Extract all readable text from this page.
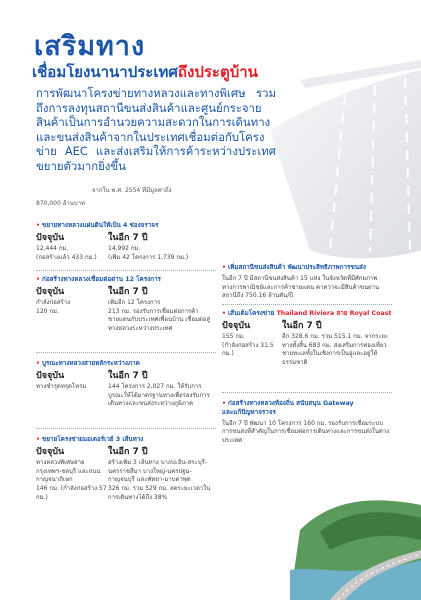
เสริมทาง
เชื่อมโยงนานาประเทศถึงประตูบ้าน
การพัฒนาโครงข่ายทางหลวงและทางพิเศษ รวมถึงการลงทุนสถานีขนส่งสินค้าและศูนย์กระจายสินค้าเป็นการอำนวยความสะดวกในการเดินทางและขนส่งสินค้าจากในประเทศเชื่อมต่อกับโครงข่าย AEC และส่งเสริมให้การค้าระหว่างประเทศขยายตัวมากยิ่งขึ้น
จากใน พ.ศ. 2554 ที่มีมูลค่าถึง
870,000 ล้านบาท
• ขยายทางหลวงแผ่นดินให้เป็น 4 ช่องจราจร
ปัจจุบัน
12,444 กม.
(ก่อสร้างแล้ว 433 กม.)
ในอีก 7 ปี
14,992 กม.
(เพิ่ม 42 โครงการ 1,739 กม.)
• ก่อสร้างทางหลวงเชื่อมต่อด่าน 12 โครงการ
ปัจจุบัน
กำลังก่อสร้าง
120 กม.
ในอีก 7 ปี
เพิ่มอีก 12 โครงการ
213 กม. รองรับการเชื่อมต่อการค้าชายแดนกับประเทศเพื่อนบ้าน เชื่อมต่อสู่ทางหลวงระหว่างประเทศ
• บูรณะทางหลวงสายหลักระหว่างภาค
ปัจจุบัน
ทางชำรุดทรุดโทรม
ในอีก 7 ปี
144 โครงการ 2,027 กม. ให้รับการบูรณะให้ได้มาตรฐานทางเพื่อรองรับการเดินทางและขนส่งระหว่างภูมิภาค
• ขยายโครงข่ายมอเตอร์เวย์ 3 เส้นทาง
ปัจจุบัน
ทางหลวงพิเศษสายกรุงเทพฯ-ชลบุรี และถนนกาญจนาภิเษก
146 กม. (กำลังก่อสร้าง 57 กม.)
ในอีก 7 ปี
สร้างเพิ่ม 3 เส้นทาง บางปะอิน-สระบุรี-นครราชสีมา บางใหญ่-นครปฐม-กาญจนบุรี และพัทยา-มาบตาพุด
326 กม. รวม 529 กม. ลดระยะเวลาในการเดินทางได้ถึง 38%
• เพิ่มสถานีขนส่งสินค้า พัฒนาประสิทธิภาพการขนส่ง
ในอีก 7 ปี มีสถานีขนส่งสินค้า 15 แห่ง ในจังหวัดที่มีศักยภาพทางการพาณิชย์และการค้าชายแดน คาดว่าจะมีสินค้าขนผ่านสถานีถึง 750.16 ล้านตัน/ปี
• เส้นเต็มโครงข่าย Thailand Riviera สาย Royal Coast
ปัจจุบัน
155 กม.
(กำลังก่อสร้าง 31.5 กม.)
ในอีก 7 ปี
อีก 328.6 กม. รวม 515.1 กม. จากระยะทางทั้งสิ้น 683 กม. ส่งเสริมการท่องเที่ยวชายทะเลทั้งในเชิงการเป็นอู่และอยู่ให้ธรรมชาติ
• ก่อสร้างทางหลวงท้องถิ่น สนับสนุน Gateway
และแก้ปัญหาจราจร
ในอีก 7 ปี พัฒนา 10 โครงการ 160 กม. รองรับการเชื่อมระบบการขนส่งที่สำคัญในการเชื่อมต่อการเดินทางและการขนส่งในต่างประเทศ
